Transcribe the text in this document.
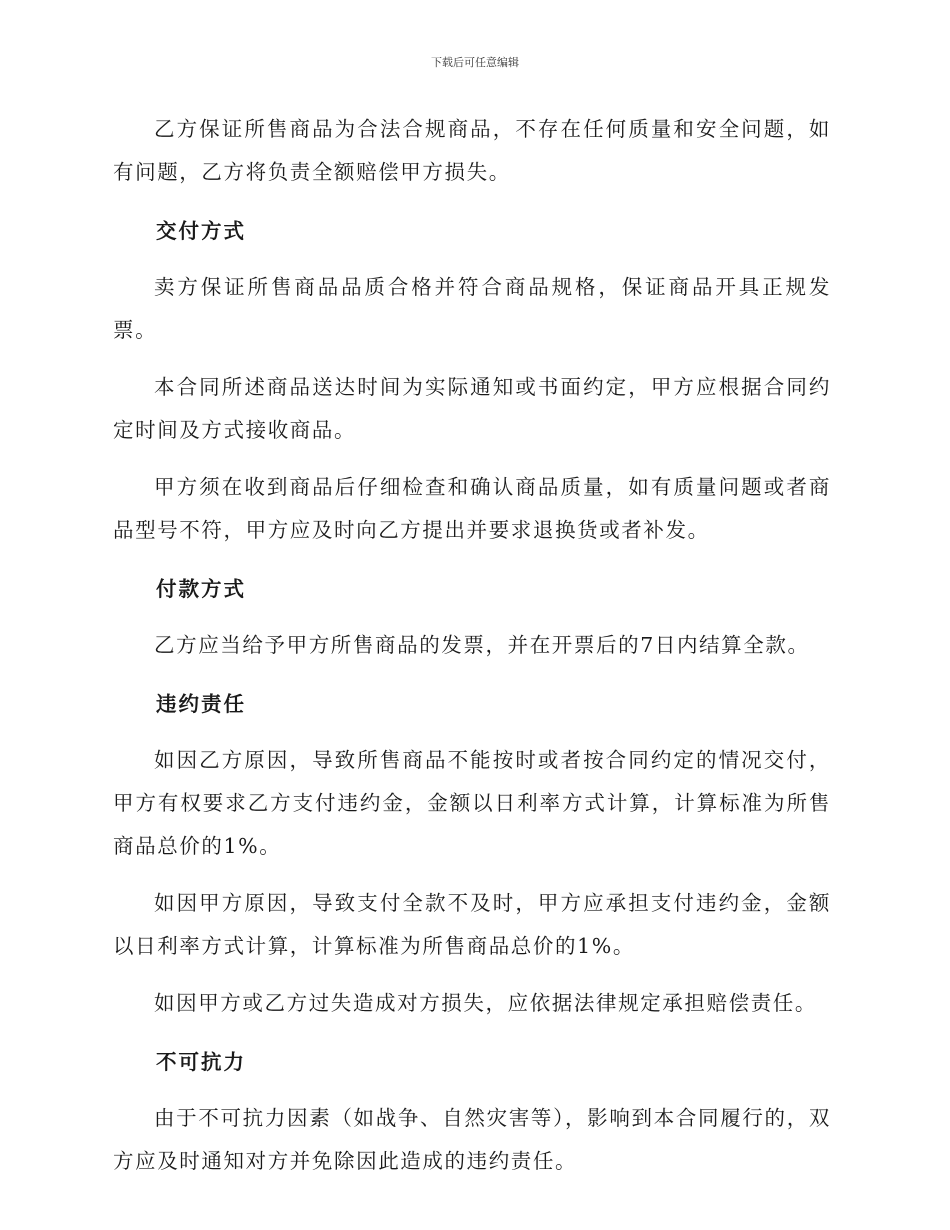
下载后可任意编辑

乙方保证所售商品为合法合规商品，不存在任何质量和安全问题，如有问题，乙方将负责全额赔偿甲方损失。

交付方式

卖方保证所售商品品质合格并符合商品规格，保证商品开具正规发票。

本合同所述商品送达时间为实际通知或书面约定，甲方应根据合同约定时间及方式接收商品。

甲方须在收到商品后仔细检查和确认商品质量，如有质量问题或者商品型号不符，甲方应及时向乙方提出并要求退换货或者补发。

付款方式

乙方应当给予甲方所售商品的发票，并在开票后的7日内结算全款。

违约责任

如因乙方原因，导致所售商品不能按时或者按合同约定的情况交付，甲方有权要求乙方支付违约金，金额以日利率方式计算，计算标准为所售商品总价的1%。

如因甲方原因，导致支付全款不及时，甲方应承担支付违约金，金额以日利率方式计算，计算标准为所售商品总价的1%。

如因甲方或乙方过失造成对方损失，应依据法律规定承担赔偿责任。

不可抗力

由于不可抗力因素（如战争、自然灾害等），影响到本合同履行的，双方应及时通知对方并免除因此造成的违约责任。
